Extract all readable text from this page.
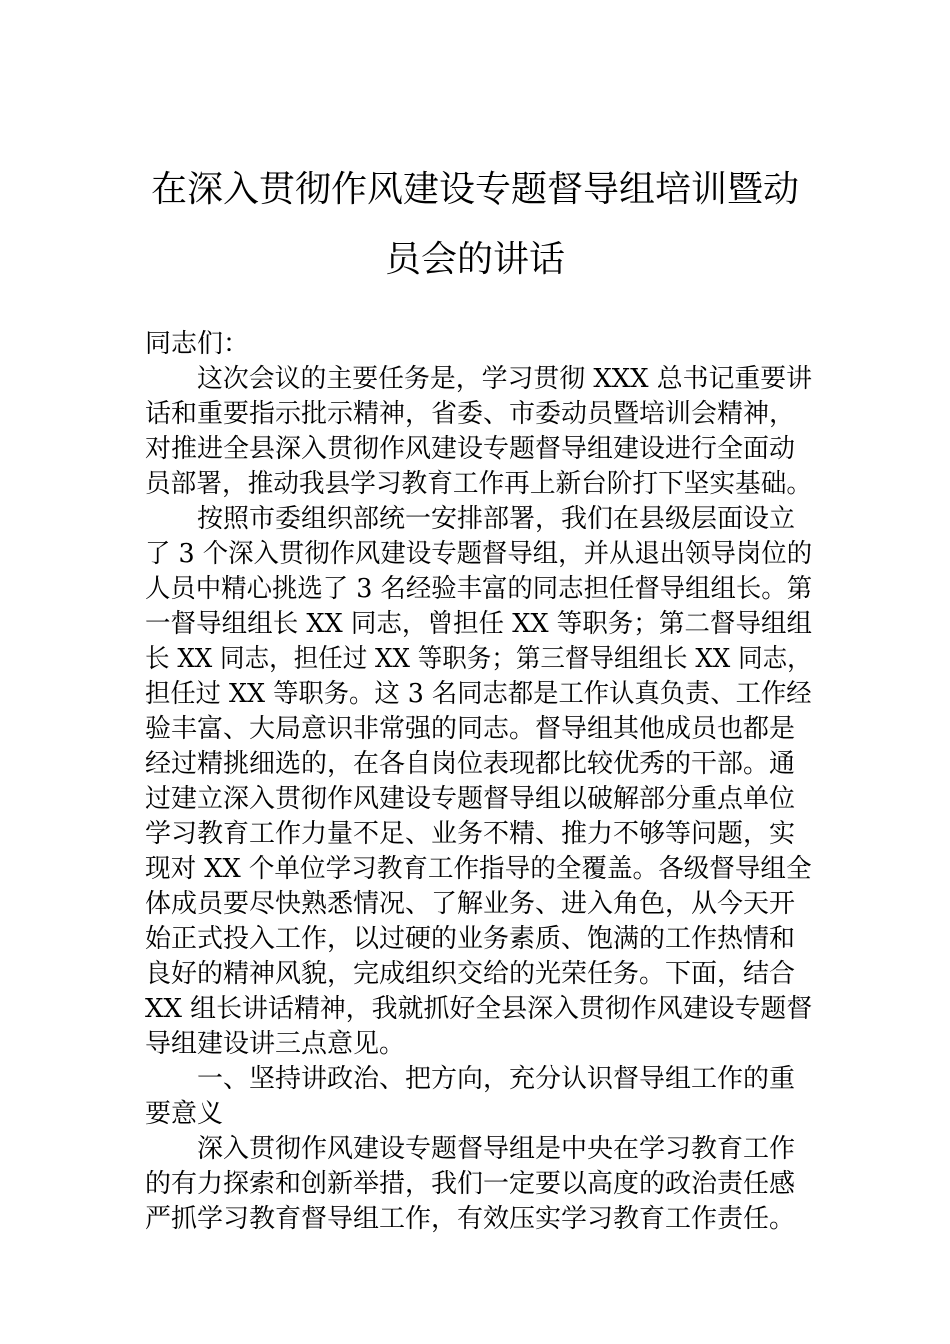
在深入贯彻作风建设专题督导组培训暨动
员会的讲话
同志们：
这次会议的主要任务是，学习贯彻 XXX 总书记重要讲
话和重要指示批示精神，省委、市委动员暨培训会精神，
对推进全县深入贯彻作风建设专题督导组建设进行全面动
员部署，推动我县学习教育工作再上新台阶打下坚实基础。
按照市委组织部统一安排部署，我们在县级层面设立
了 3 个深入贯彻作风建设专题督导组，并从退出领导岗位的
人员中精心挑选了 3 名经验丰富的同志担任督导组组长。第
一督导组组长 XX 同志，曾担任 XX 等职务；第二督导组组
长 XX 同志，担任过 XX 等职务；第三督导组组长 XX 同志，
担任过 XX 等职务。这 3 名同志都是工作认真负责、工作经
验丰富、大局意识非常强的同志。督导组其他成员也都是
经过精挑细选的，在各自岗位表现都比较优秀的干部。通
过建立深入贯彻作风建设专题督导组以破解部分重点单位
学习教育工作力量不足、业务不精、推力不够等问题，实
现对 XX 个单位学习教育工作指导的全覆盖。各级督导组全
体成员要尽快熟悉情况、了解业务、进入角色，从今天开
始正式投入工作，以过硬的业务素质、饱满的工作热情和
良好的精神风貌，完成组织交给的光荣任务。下面，结合
XX 组长讲话精神，我就抓好全县深入贯彻作风建设专题督
导组建设讲三点意见。
一、坚持讲政治、把方向，充分认识督导组工作的重
要意义
深入贯彻作风建设专题督导组是中央在学习教育工作
的有力探索和创新举措，我们一定要以高度的政治责任感
严抓学习教育督导组工作，有效压实学习教育工作责任。
